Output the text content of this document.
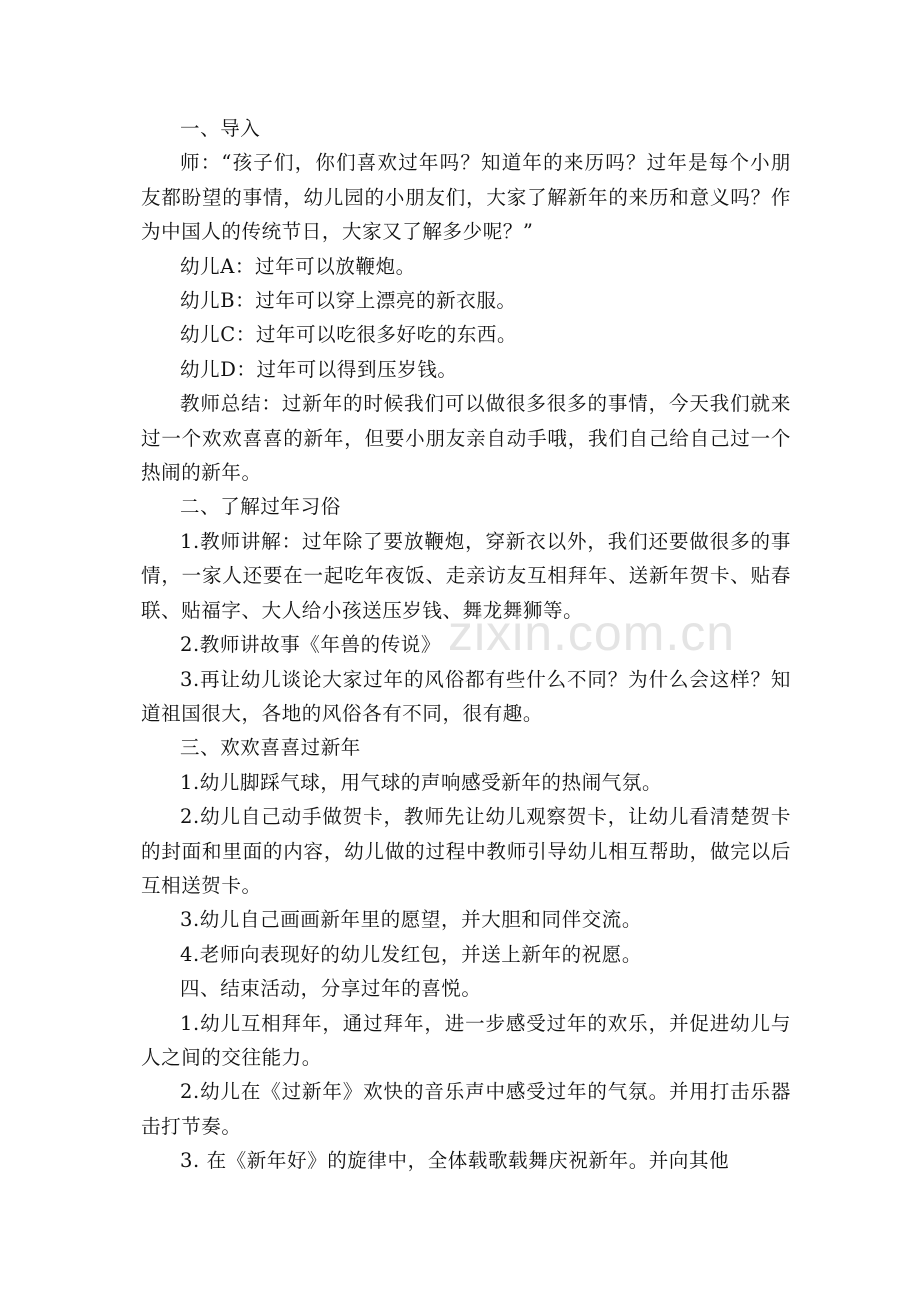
一、导入

师：“孩子们，你们喜欢过年吗？知道年的来历吗？过年是每个小朋友都盼望的事情，幼儿园的小朋友们，大家了解新年的来历和意义吗？作为中国人的传统节日，大家又了解多少呢？”

幼儿A：过年可以放鞭炮。

幼儿B：过年可以穿上漂亮的新衣服。

幼儿C：过年可以吃很多好吃的东西。

幼儿D：过年可以得到压岁钱。

教师总结：过新年的时候我们可以做很多很多的事情，今天我们就来过一个欢欢喜喜的新年，但要小朋友亲自动手哦，我们自己给自己过一个热闹的新年。

二、了解过年习俗

1.教师讲解：过年除了要放鞭炮，穿新衣以外，我们还要做很多的事情，一家人还要在一起吃年夜饭、走亲访友互相拜年、送新年贺卡、贴春联、贴福字、大人给小孩送压岁钱、舞龙舞狮等。

2.教师讲故事《年兽的传说》

3.再让幼儿谈论大家过年的风俗都有些什么不同？为什么会这样？知道祖国很大，各地的风俗各有不同，很有趣。

三、欢欢喜喜过新年

1.幼儿脚踩气球，用气球的声响感受新年的热闹气氛。

2.幼儿自己动手做贺卡，教师先让幼儿观察贺卡，让幼儿看清楚贺卡的封面和里面的内容，幼儿做的过程中教师引导幼儿相互帮助，做完以后互相送贺卡。

3.幼儿自己画画新年里的愿望，并大胆和同伴交流。

4.老师向表现好的幼儿发红包，并送上新年的祝愿。

四、结束活动，分享过年的喜悦。

1.幼儿互相拜年，通过拜年，进一步感受过年的欢乐，并促进幼儿与人之间的交往能力。

2.幼儿在《过新年》欢快的音乐声中感受过年的气氛。并用打击乐器击打节奏。

3. 在《新年好》的旋律中，全体载歌载舞庆祝新年。并向其他

zixin.com.cn
